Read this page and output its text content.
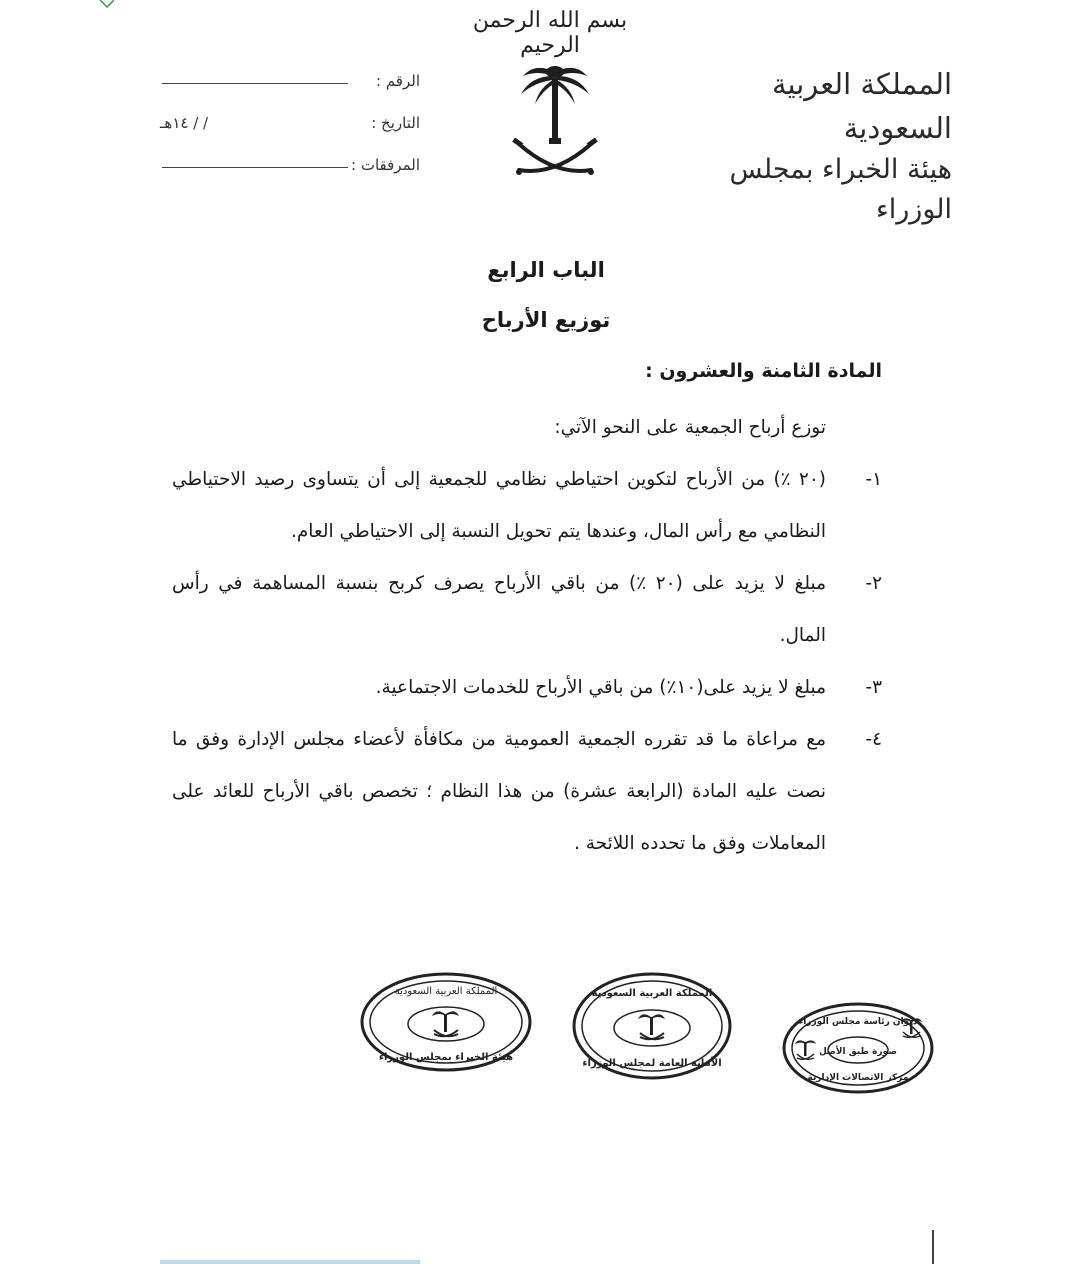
بسم الله الرحمن الرحيم
المملكة العربية السعودية
هيئة الخبراء بمجلس الوزراء
الرقم :
التاريخ :
/ / ١٤هـ
المرفقات :
الباب الرابع
توزيع الأرباح
المادة الثامنة والعشرون :
توزع أرباح الجمعية على النحو الآتي:
١-
(٢٠ ٪) من الأرباح لتكوين احتياطي نظامي للجمعية إلى أن يتساوى رصيد الاحتياطي النظامي مع رأس المال، وعندها يتم تحويل النسبة إلى الاحتياطي العام.
٢-
مبلغ لا يزيد على (٢٠ ٪) من باقي الأرباح يصرف كربح بنسبة المساهمة في رأس المال.
٣-
مبلغ لا يزيد على(١٠٪) من باقي الأرباح للخدمات الاجتماعية.
٤-
مع مراعاة ما قد تقرره الجمعية العمومية من مكافأة لأعضاء مجلس الإدارة وفق ما نصت عليه المادة (الرابعة عشرة) من هذا النظام ؛ تخصص باقي الأرباح للعائد على المعاملات وفق ما تحدده اللائحة .
المملكة العربية السعودية
هيئة الخبراء بمجلس الوزراء
المملكة العربية السعودية
الأمانة العامة لمجلس الوزراء
ديوان رئاسة مجلس الوزراء
صورة طبق الأصل
مركز الاتصالات الإدارية
